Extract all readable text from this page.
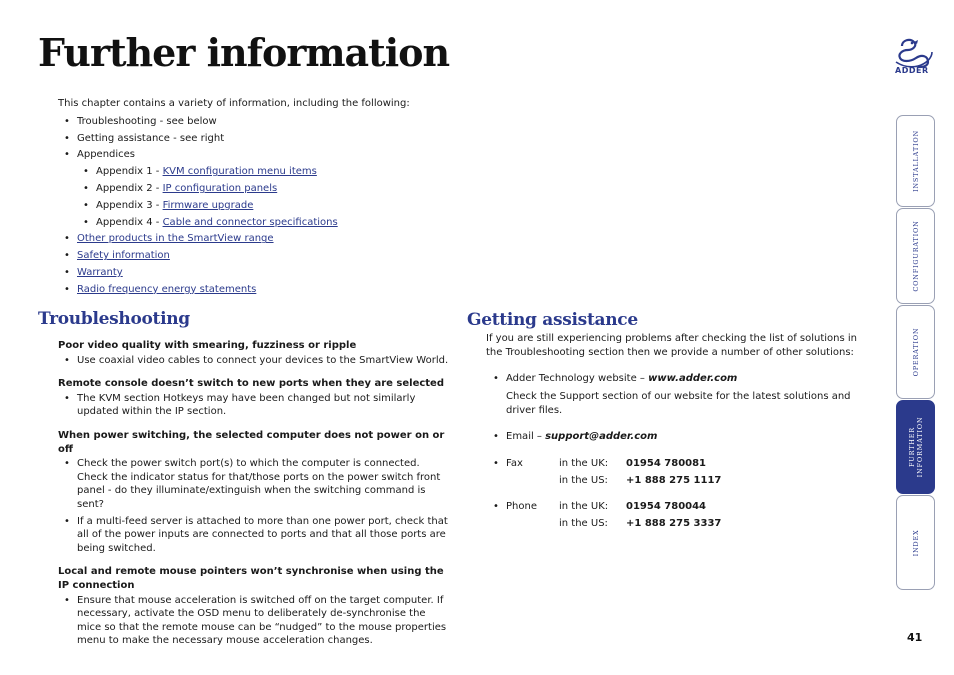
Further information	ADDER

This chapter contains a variety of information, including the following:

• Troubleshooting - see below
• Getting assistance - see right
• Appendices
• Appendix 1 - KVM configuration menu items
• Appendix 2 - IP configuration panels
• Appendix 3 - Firmware upgrade
• Appendix 4 - Cable and connector specifications
• Other products in the SmartView range
• Safety information
• Warranty
• Radio frequency energy statements
Troubleshooting
Poor video quality with smearing, fuzziness or ripple
• Use coaxial video cables to connect your devices to the SmartView World.
Remote console doesn’t switch to new ports when they are selected
• The KVM section Hotkeys may have been changed but not similarly updated within the IP section.
When power switching, the selected computer does not power on or off
• Check the power switch port(s) to which the computer is connected. Check the indicator status for that/those ports on the power switch front panel - do they illuminate/extinguish when the switching command is sent?
• If a multi-feed server is attached to more than one power port, check that all of the power inputs are connected to ports and that all those ports are being switched.
Local and remote mouse pointers won’t synchronise when using the IP connection
• Ensure that mouse acceleration is switched off on the target computer. If necessary, activate the OSD menu to deliberately de-synchronise the mice so that the remote mouse can be “nudged” to the mouse properties menu to make the necessary mouse acceleration changes.
Getting assistance

If you are still experiencing problems after checking the list of solutions in the Troubleshooting section then we provide a number of other solutions:

• Adder Technology website – www.adder.com

Check the Support section of our website for the latest solutions and driver files.

• Email – support@adder.com
• Fax	in the UK: 01954 780081
in the US: +1 888 275 1117
• Phone in the UK: 01954 780044
in the US: +1 888 275 3337
INSTALLATION
CONFIGURATION
OPERATION
FURTHER INFORMATION
INDEX
41
